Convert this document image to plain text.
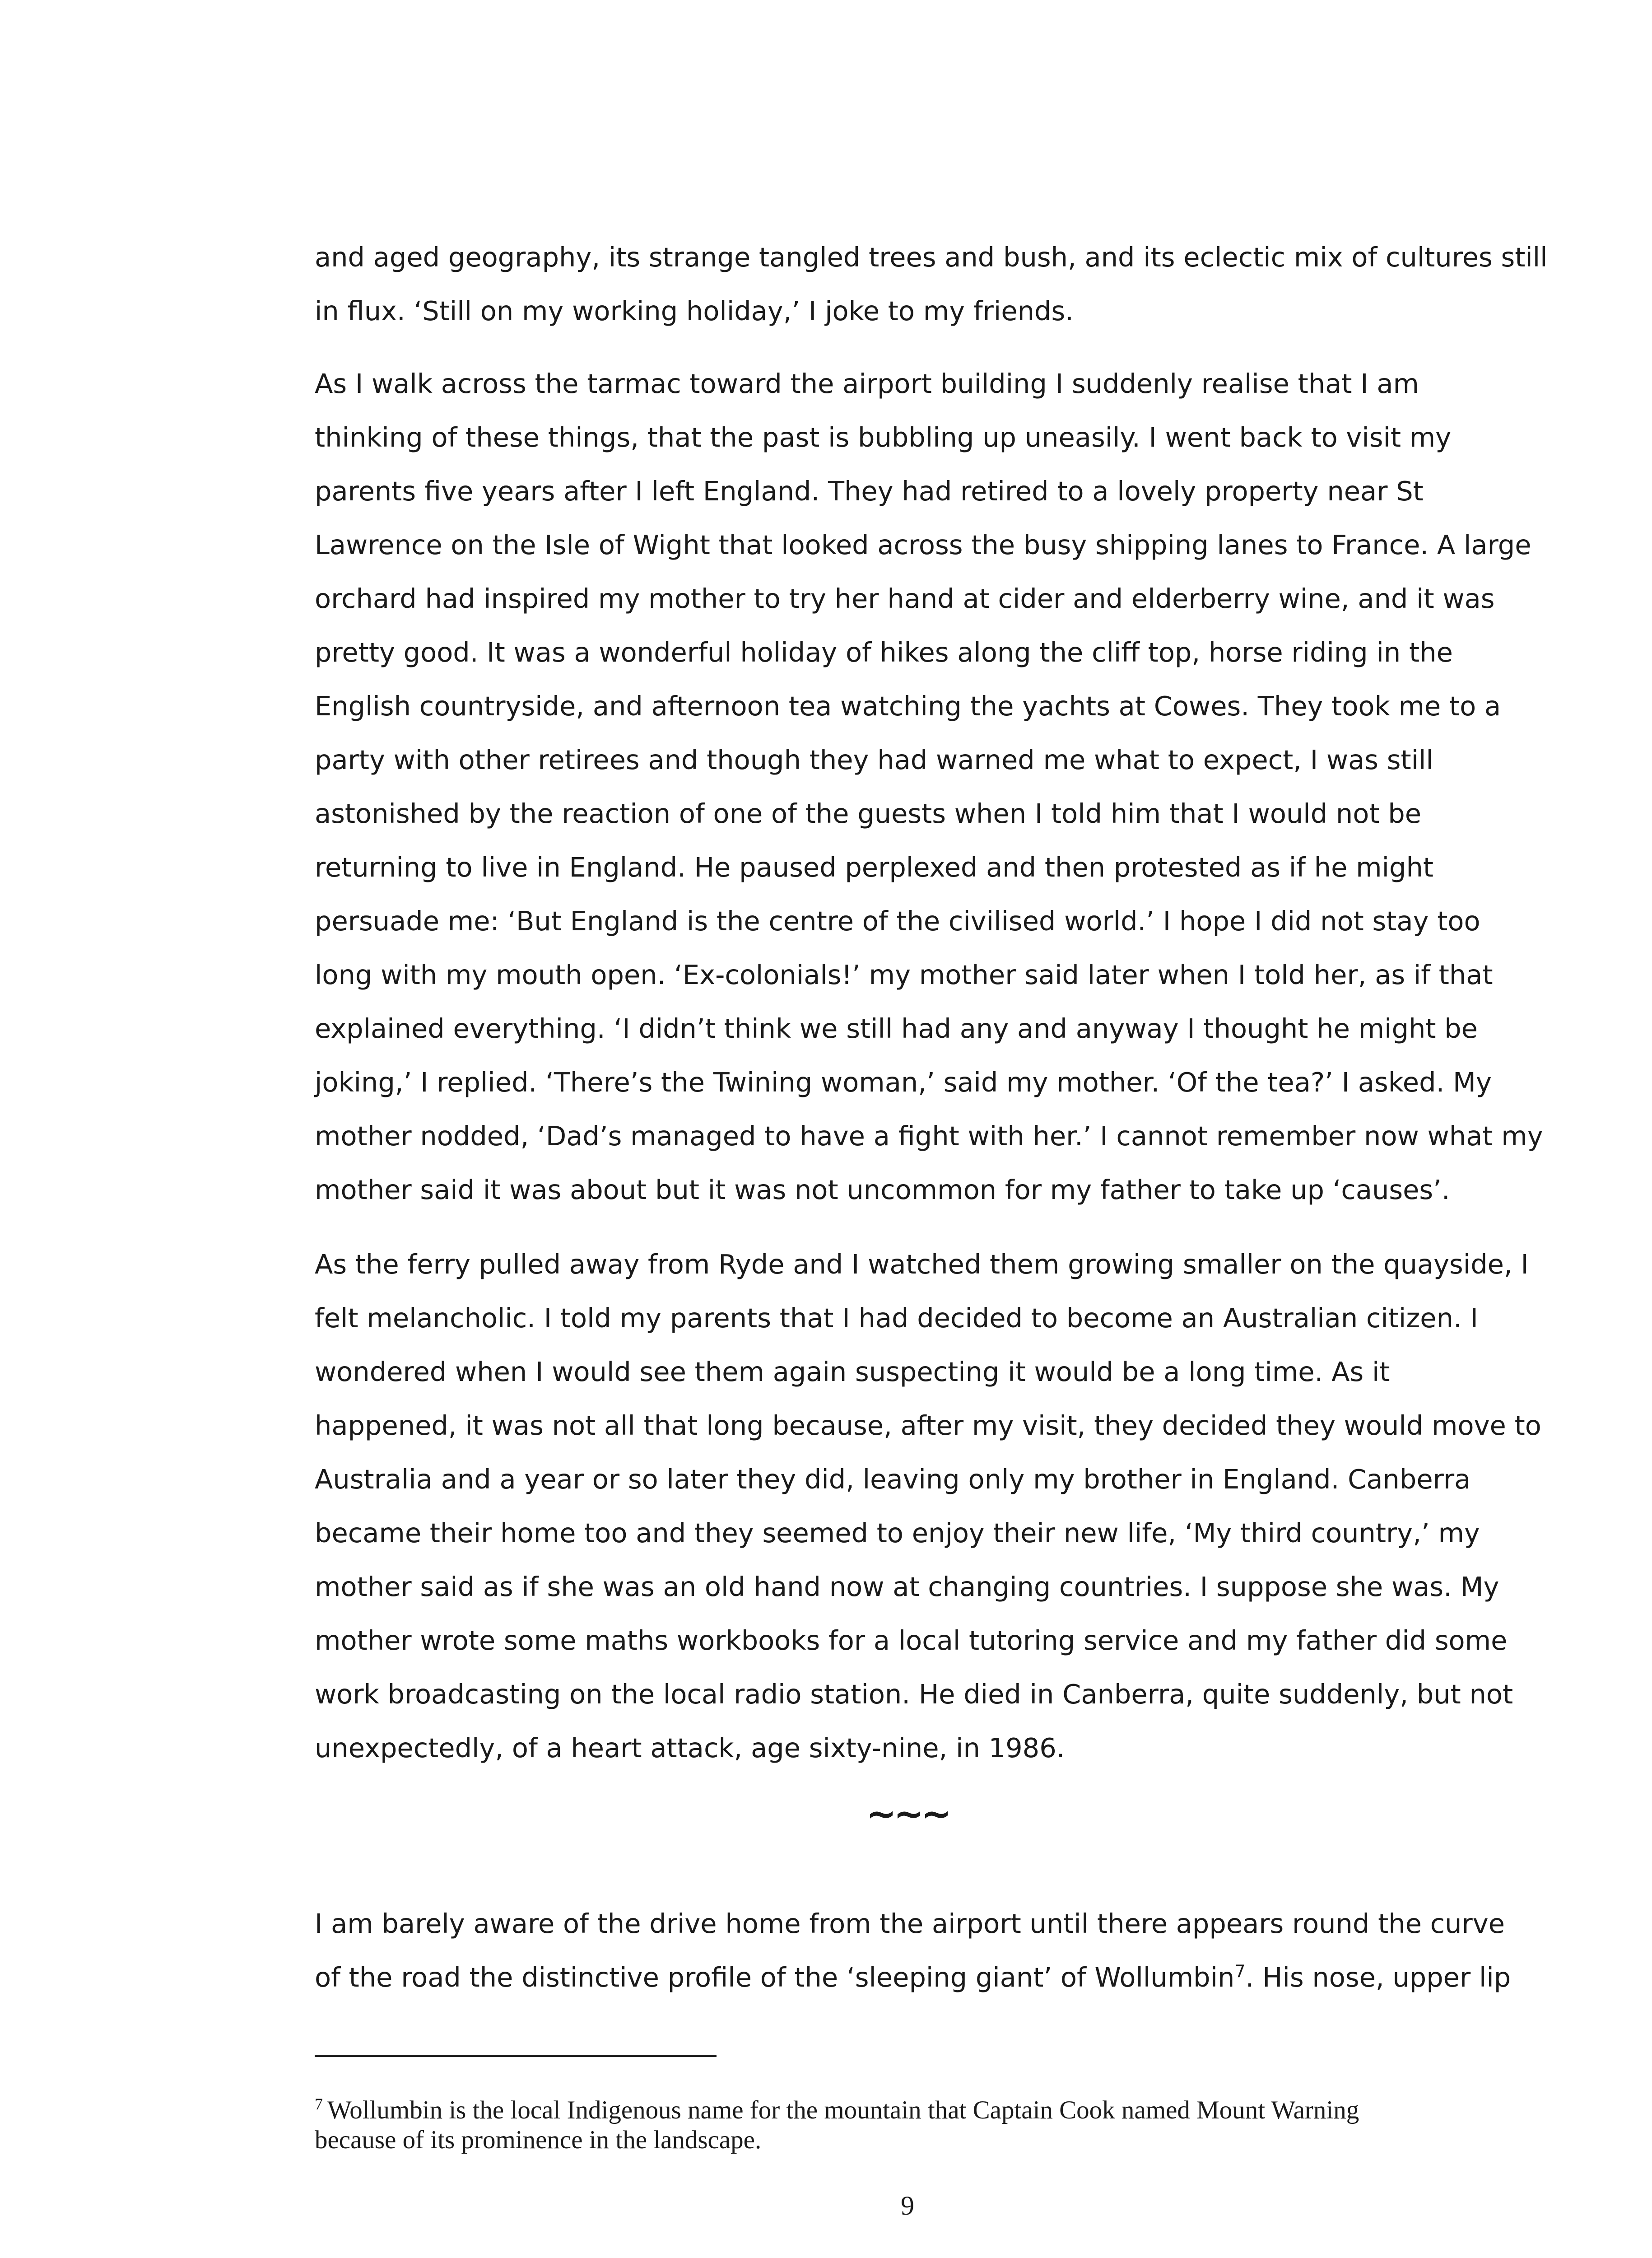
and aged geography, its strange tangled trees and bush, and its eclectic mix of cultures still
in flux. ‘Still on my working holiday,’ I joke to my friends.

As I walk across the tarmac toward the airport building I suddenly realise that I am
thinking of these things, that the past is bubbling up uneasily. I went back to visit my
parents five years after I left England. They had retired to a lovely property near St
Lawrence on the Isle of Wight that looked across the busy shipping lanes to France. A large
orchard had inspired my mother to try her hand at cider and elderberry wine, and it was
pretty good. It was a wonderful holiday of hikes along the cliff top, horse riding in the
English countryside, and afternoon tea watching the yachts at Cowes. They took me to a
party with other retirees and though they had warned me what to expect, I was still
astonished by the reaction of one of the guests when I told him that I would not be
returning to live in England. He paused perplexed and then protested as if he might
persuade me: ‘But England is the centre of the civilised world.’ I hope I did not stay too
long with my mouth open. ‘Ex-colonials!’ my mother said later when I told her, as if that
explained everything. ‘I didn’t think we still had any and anyway I thought he might be
joking,’ I replied. ‘There’s the Twining woman,’ said my mother. ‘Of the tea?’ I asked. My
mother nodded, ‘Dad’s managed to have a fight with her.’ I cannot remember now what my
mother said it was about but it was not uncommon for my father to take up ‘causes’.

As the ferry pulled away from Ryde and I watched them growing smaller on the quayside, I
felt melancholic. I told my parents that I had decided to become an Australian citizen. I
wondered when I would see them again suspecting it would be a long time. As it
happened, it was not all that long because, after my visit, they decided they would move to
Australia and a year or so later they did, leaving only my brother in England. Canberra
became their home too and they seemed to enjoy their new life, ‘My third country,’ my
mother said as if she was an old hand now at changing countries. I suppose she was. My
mother wrote some maths workbooks for a local tutoring service and my father did some
work broadcasting on the local radio station. He died in Canberra, quite suddenly, but not
unexpectedly, of a heart attack, age sixty-nine, in 1986.

~~~

I am barely aware of the drive home from the airport until there appears round the curve
of the road the distinctive profile of the ‘sleeping giant’ of Wollumbin$^7$. His nose, upper lip

$^7$ Wollumbin is the local Indigenous name for the mountain that Captain Cook named Mount Warning
because of its prominence in the landscape.
9
